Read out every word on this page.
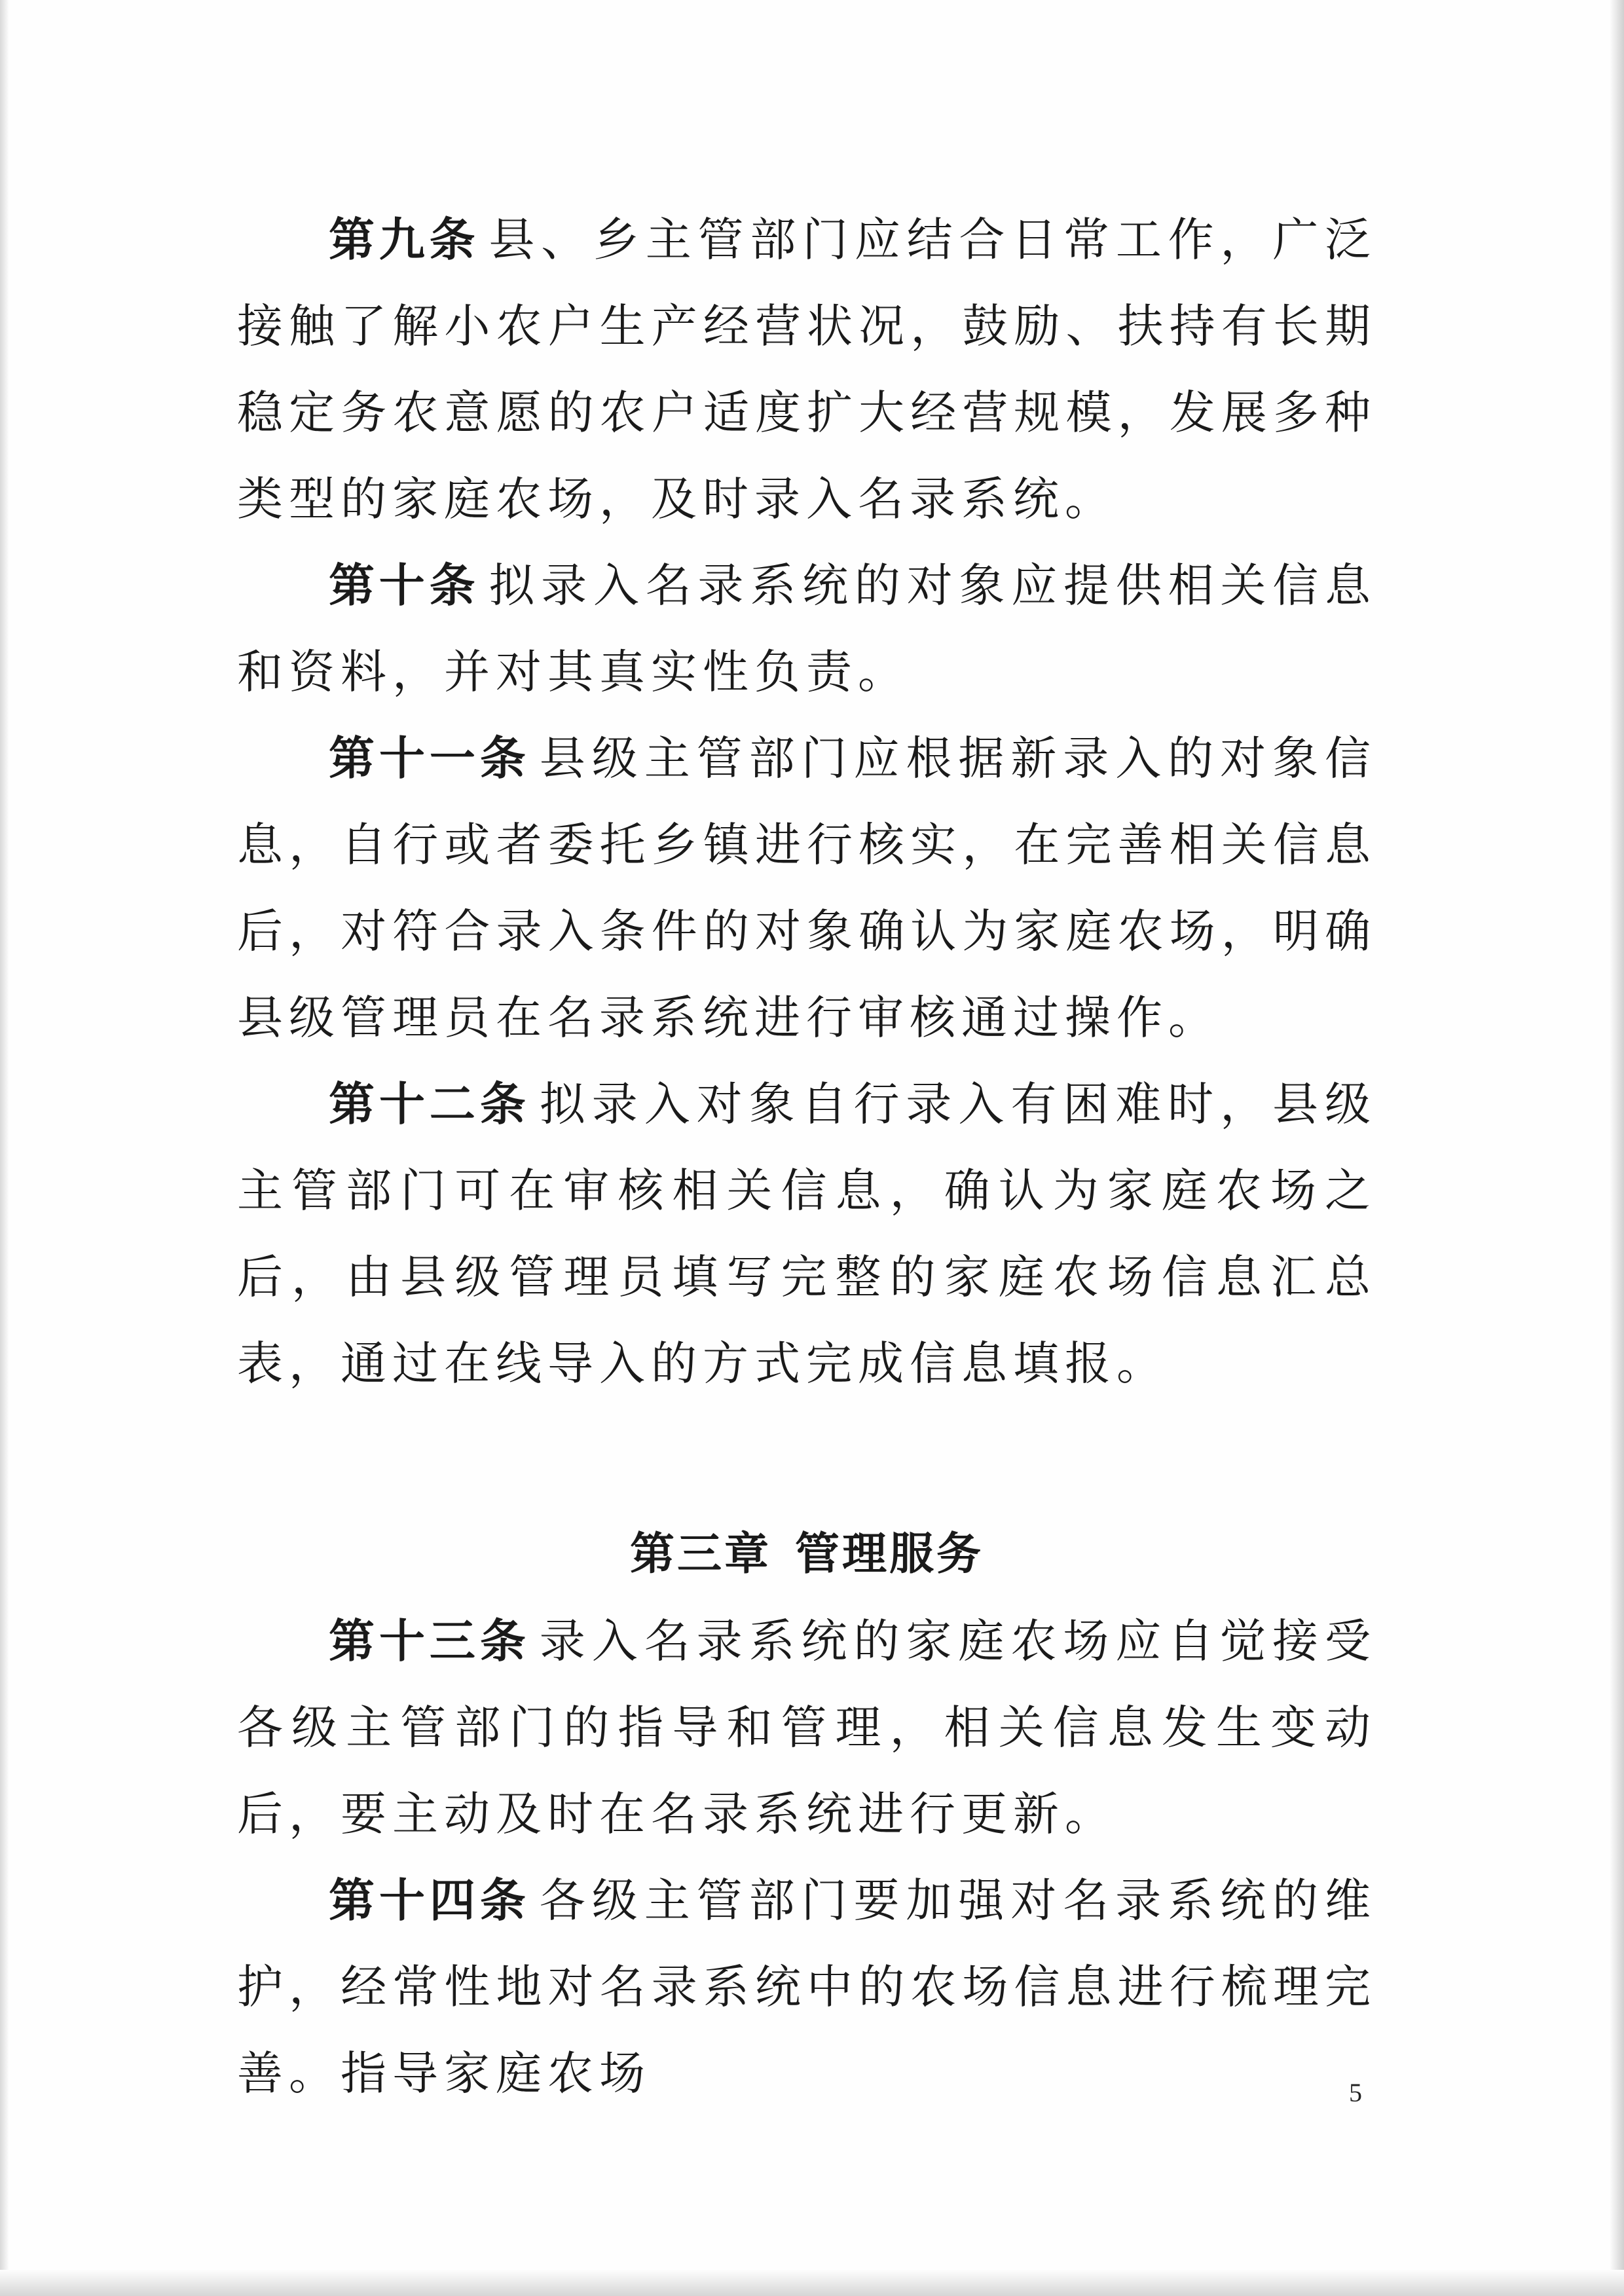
第九条 县、乡主管部门应结合日常工作，广泛接触了解小农户生产经营状况，鼓励、扶持有长期稳定务农意愿的农户适度扩大经营规模，发展多种类型的家庭农场，及时录入名录系统。

第十条 拟录入名录系统的对象应提供相关信息和资料，并对其真实性负责。

第十一条 县级主管部门应根据新录入的对象信息，自行或者委托乡镇进行核实，在完善相关信息后，对符合录入条件的对象确认为家庭农场，明确县级管理员在名录系统进行审核通过操作。

第十二条 拟录入对象自行录入有困难时，县级主管部门可在审核相关信息，确认为家庭农场之后，由县级管理员填写完整的家庭农场信息汇总表，通过在线导入的方式完成信息填报。

第三章 管理服务

第十三条 录入名录系统的家庭农场应自觉接受各级主管部门的指导和管理，相关信息发生变动后，要主动及时在名录系统进行更新。

第十四条 各级主管部门要加强对名录系统的维护，经常性地对名录系统中的农场信息进行梳理完善。指导家庭农场	5
